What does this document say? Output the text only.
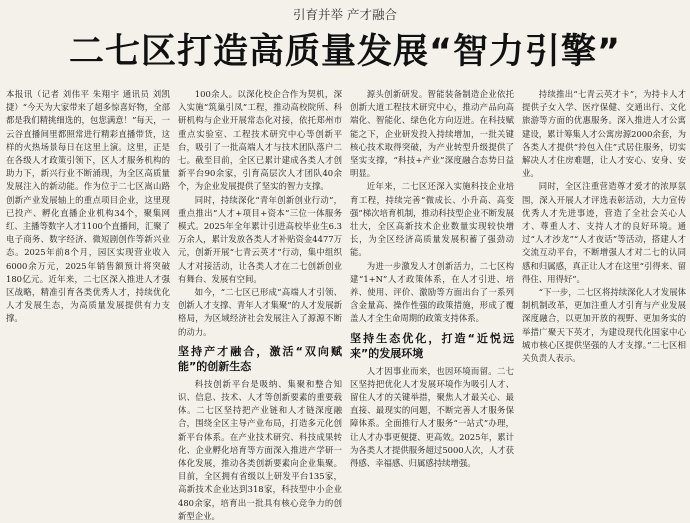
引育并举 产才融合
二七区打造高质量发展“智力引擎”

本报讯（记者 刘伟平 朱翔宇 通讯员 刘凯捷）“今天为大家带来了超多惊喜好物，全部都是我们精挑细选的，包您满意！”每天，一云谷直播间里都照常进行精彩直播带货，这样的火热场景每日在这里上演。这里，正是在各级人才政策引领下，区人才服务机构的助力下，新兴行业不断涌现，为全区高质量发展注入的新动能。作为位于二七区嵩山路创新产业发展轴上的重点项目企业，这里现已投产、孵化直播企业机构34个，聚集网红、主播等数字人才1100个直播间，汇聚了电子商务、数字经济、微短剧创作等新兴业态。2025年前8个月，园区实现营业收入6000余万元，2025年销售额预计将突破180亿元。近年来，二七区深入推进人才强区战略，精准引育各类优秀人才，持续优化人才发展生态，为高质量发展提供有力支撑。

100余人。以深化校企合作为契机，深入实施“筑巢引凤”工程，推动高校院所、科研机构与企业开展常态化对接，依托郑州市重点实验室、工程技术研究中心等创新平台，吸引了一批高端人才与技术团队落户二七。截至目前，全区已累计建成各类人才创新平台90余家，引育高层次人才团队40余个，为企业发展提供了坚实的智力支撑。

同时，持续深化“青年创新创业行动”，重点推出“人才+项目+资本”三位一体服务模式。2025年全年累计引进高校毕业生6.3万余人，累计发放各类人才补贴资金4477万元，创新开展“七青云英才”行动，集中组织人才对接活动，让各类人才在二七创新创业有舞台、发展有空间。

如今，“二七区已形成“高端人才引领、创新人才支撑、青年人才集聚”的人才发展新格局，为区域经济社会发展注入了源源不断的动力。

坚持产才融合，激活“双向赋能”的创新生态

科技创新平台是吸纳、集聚和整合知识、信息、技术、人才等创新要素的重要载体。二七区坚持把产业链和人才链深度融合，围绕全区主导产业布局，打造多元化创新平台体系。在产业技术研究、科技成果转化、企业孵化培育等方面深入推进产学研一体化发展，推动各类创新要素向企业集聚。目前，全区拥有省级以上研发平台135家，高新技术企业达到318家，科技型中小企业480余家，培育出一批具有核心竞争力的创新型企业。

源头创新研发。智能装备制造企业依托创新大道工程技术研究中心，推动产品向高端化、智能化、绿色化方向迈进。在科技赋能之下，企业研发投入持续增加，一批关键核心技术取得突破，为产业转型升级提供了坚实支撑，“科技+产业”深度融合态势日益明显。

近年来，二七区还深入实施科技企业培育工程，持续完善“微成长、小升高、高变强”梯次培育机制，推动科技型企业不断发展壮大，全区高新技术企业数量实现较快增长，为全区经济高质量发展积蓄了强劲动能。

为进一步激发人才创新活力，二七区构建“1+N”人才政策体系，在人才引进、培养、使用、评价、激励等方面出台了一系列含金量高、操作性强的政策措施，形成了覆盖人才全生命周期的政策支持体系。

坚持生态优化，打造“近悦远来”的发展环境

人才因事业而来，也因环境而留。二七区坚持把优化人才发展环境作为吸引人才、留住人才的关键举措，聚焦人才最关心、最直接、最现实的问题，不断完善人才服务保障体系。全面推行人才服务“一站式”办理，让人才办事更便捷、更高效。2025年，累计为各类人才提供服务超过5000人次，人才获得感、幸福感、归属感持续增强。

持续推出“七青云英才卡”，为持卡人才提供子女入学、医疗保健、交通出行、文化旅游等方面的优惠服务。深入推进人才公寓建设，累计筹集人才公寓房源2000余套，为各类人才提供“拎包入住”式居住服务，切实解决人才住房难题，让人才安心、安身、安业。

同时，全区注重营造尊才爱才的浓厚氛围，深入开展人才评选表彰活动，大力宣传优秀人才先进事迹，营造了全社会关心人才、尊重人才、支持人才的良好环境。通过“人才沙龙”“人才夜话”等活动，搭建人才交流互动平台，不断增强人才对二七的认同感和归属感，真正让人才在这里“引得来、留得住、用得好”。

“下一步，二七区将持续深化人才发展体制机制改革，更加注重人才引育与产业发展深度融合，以更加开放的视野、更加务实的举措广聚天下英才，为建设现代化国家中心城市核心区提供坚强的人才支撑。”二七区相关负责人表示。
